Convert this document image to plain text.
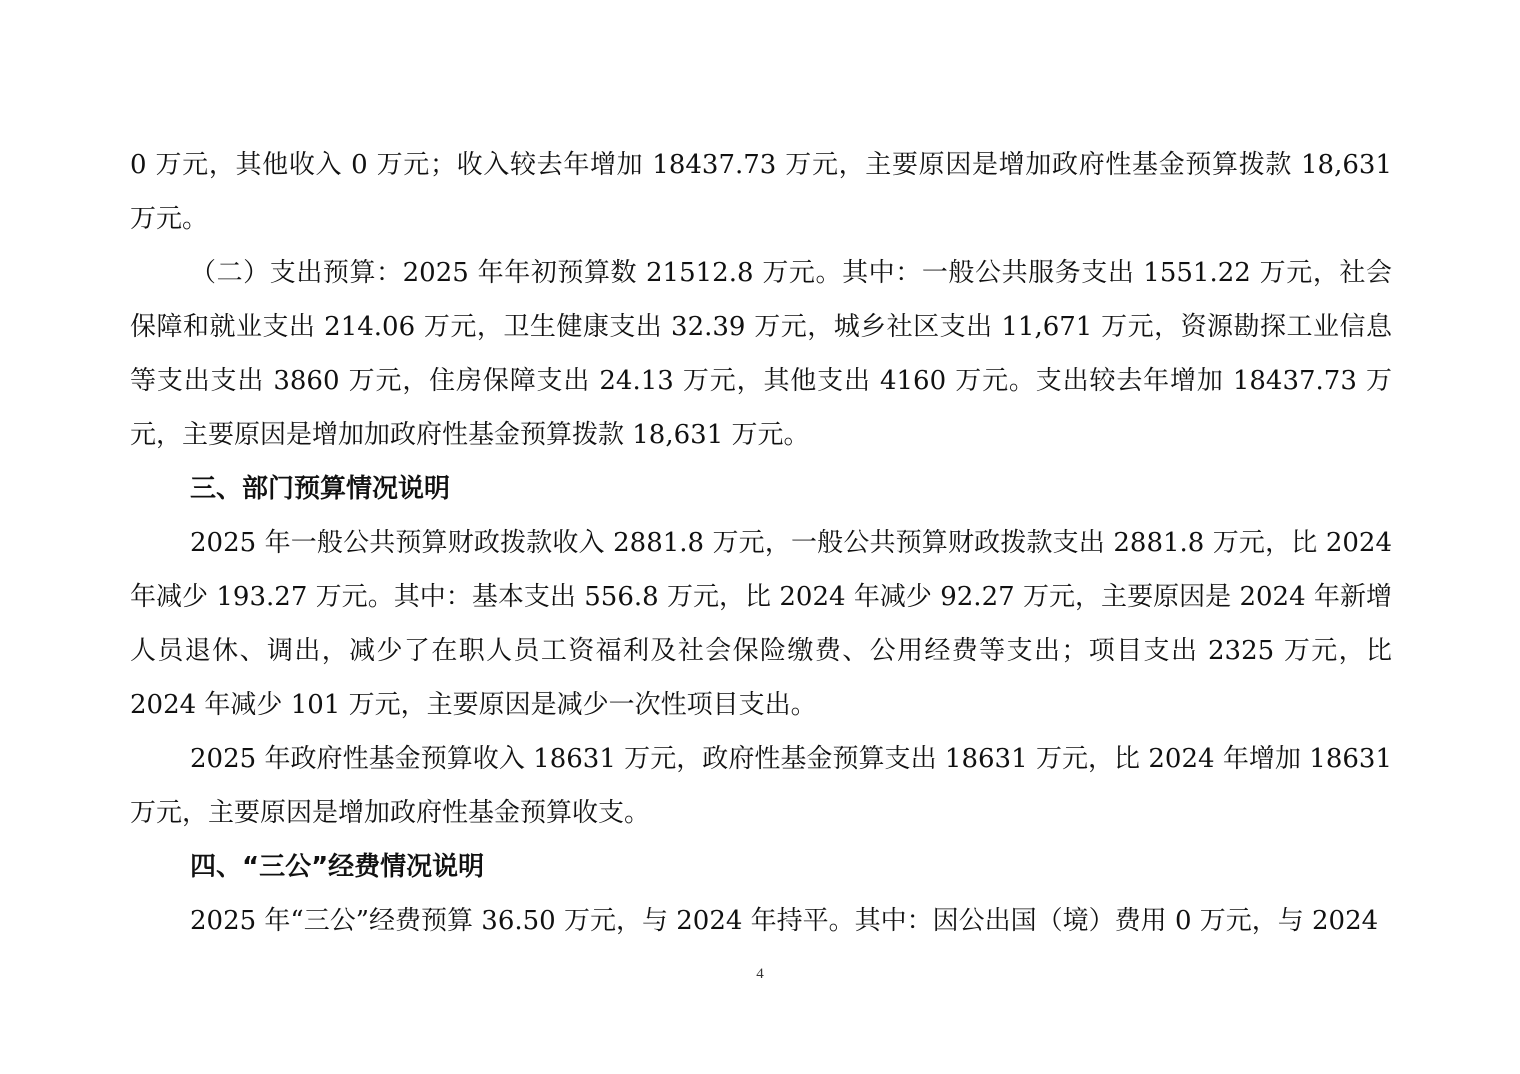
0 万元，其他收入 0 万元；收入较去年增加 18437.73 万元，主要原因是增加政府性基金预算拨款 18,631 万元。

（二）支出预算：2025 年年初预算数 21512.8 万元。其中：一般公共服务支出 1551.22 万元，社会保障和就业支出 214.06 万元，卫生健康支出 32.39 万元，城乡社区支出 11,671 万元，资源勘探工业信息等支出支出 3860 万元，住房保障支出 24.13 万元，其他支出 4160 万元。支出较去年增加 18437.73 万元，主要原因是增加加政府性基金预算拨款 18,631 万元。

三、部门预算情况说明

2025 年一般公共预算财政拨款收入 2881.8 万元，一般公共预算财政拨款支出 2881.8 万元，比 2024 年减少 193.27 万元。其中：基本支出 556.8 万元，比 2024 年减少 92.27 万元，主要原因是 2024 年新增人员退休、调出，减少了在职人员工资福利及社会保险缴费、公用经费等支出；项目支出 2325 万元，比 2024 年减少 101 万元，主要原因是减少一次性项目支出。

2025 年政府性基金预算收入 18631 万元，政府性基金预算支出 18631 万元，比 2024 年增加 18631 万元，主要原因是增加政府性基金预算收支。

四、“三公”经费情况说明

2025 年“三公”经费预算 36.50 万元，与 2024 年持平。其中：因公出国（境）费用 0 万元，与 2024

4
